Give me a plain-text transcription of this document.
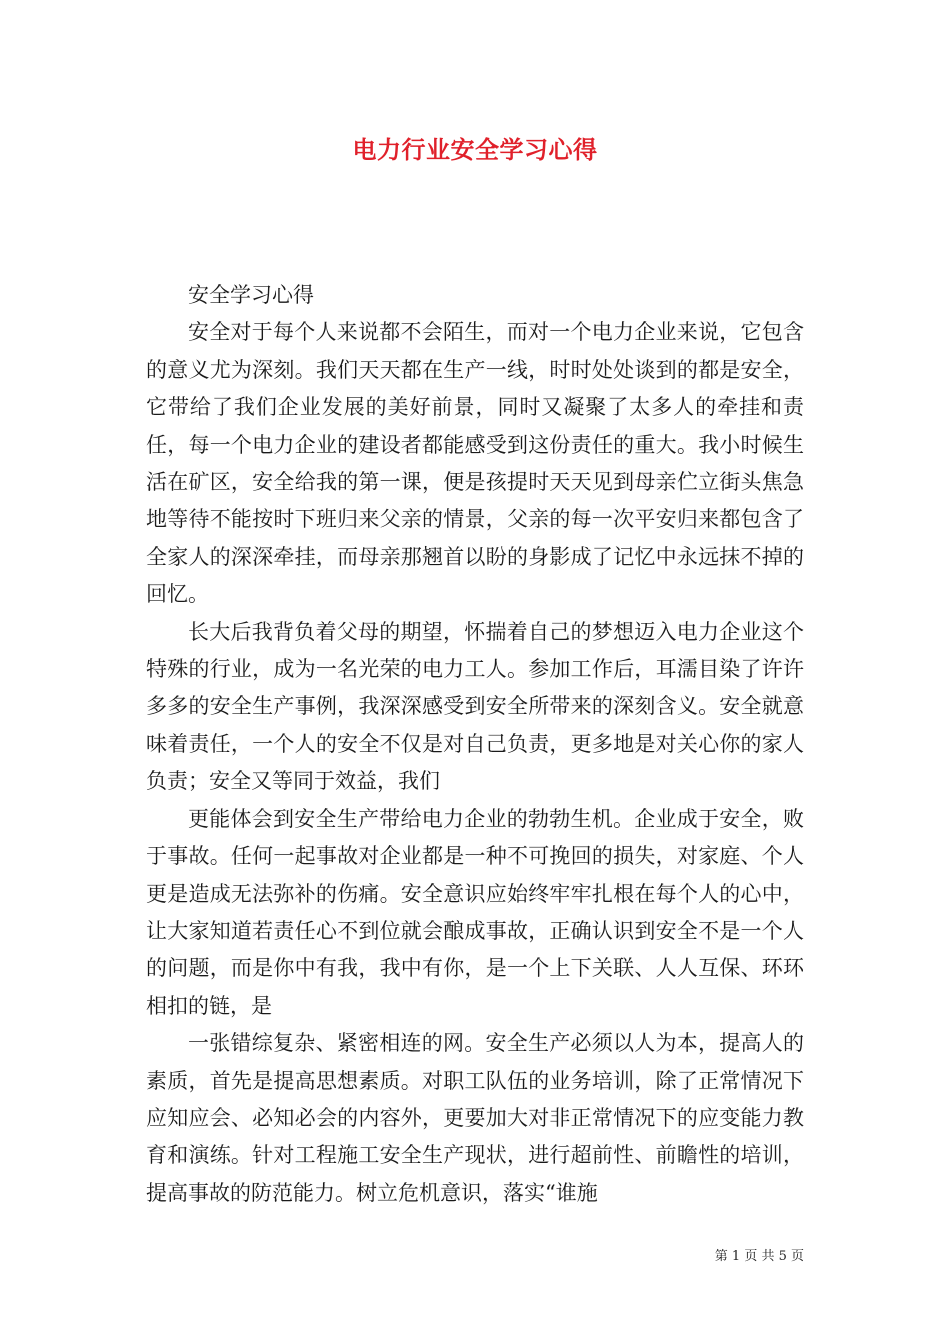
电力行业安全学习心得

安全学习心得

安全对于每个人来说都不会陌生，而对一个电力企业来说，它包含的意义尤为深刻。我们天天都在生产一线，时时处处谈到的都是安全，它带给了我们企业发展的美好前景，同时又凝聚了太多人的牵挂和责任，每一个电力企业的建设者都能感受到这份责任的重大。我小时候生活在矿区，安全给我的第一课，便是孩提时天天见到母亲伫立街头焦急地等待不能按时下班归来父亲的情景，父亲的每一次平安归来都包含了全家人的深深牵挂，而母亲那翘首以盼的身影成了记忆中永远抹不掉的回忆。

长大后我背负着父母的期望，怀揣着自己的梦想迈入电力企业这个特殊的行业，成为一名光荣的电力工人。参加工作后，耳濡目染了许许多多的安全生产事例，我深深感受到安全所带来的深刻含义。安全就意味着责任，一个人的安全不仅是对自己负责，更多地是对关心你的家人负责；安全又等同于效益，我们

更能体会到安全生产带给电力企业的勃勃生机。企业成于安全，败于事故。任何一起事故对企业都是一种不可挽回的损失，对家庭、个人更是造成无法弥补的伤痛。安全意识应始终牢牢扎根在每个人的心中，让大家知道若责任心不到位就会酿成事故，正确认识到安全不是一个人的问题，而是你中有我，我中有你，是一个上下关联、人人互保、环环相扣的链，是

一张错综复杂、紧密相连的网。安全生产必须以人为本，提高人的素质，首先是提高思想素质。对职工队伍的业务培训，除了正常情况下应知应会、必知必会的内容外，更要加大对非正常情况下的应变能力教育和演练。针对工程施工安全生产现状，进行超前性、前瞻性的培训，提高事故的防范能力。树立危机意识，落实“谁施

第 1 页 共 5 页
